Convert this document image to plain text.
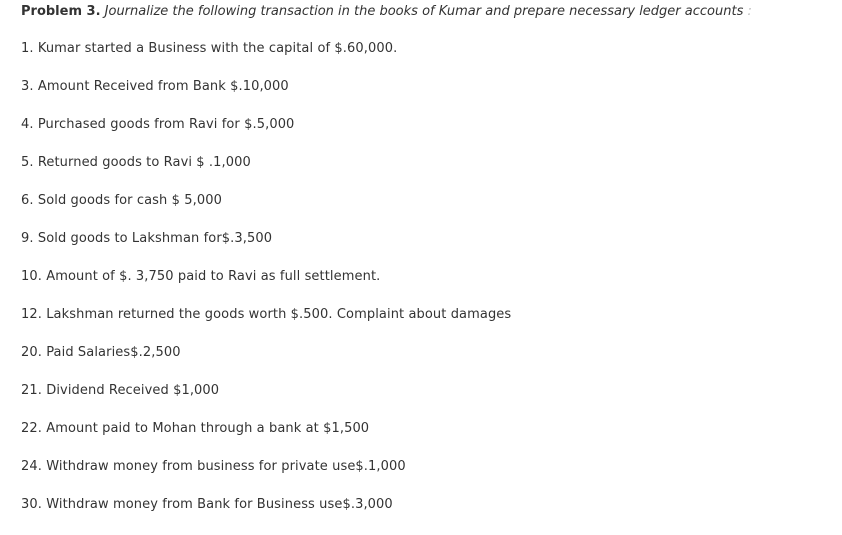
Problem 3. Journalize the following transaction in the books of Kumar and prepare necessary ledger accounts :
1. Kumar started a Business with the capital of $.60,000.
3. Amount Received from Bank $.10,000
4. Purchased goods from Ravi for $.5,000
5. Returned goods to Ravi $ .1,000
6. Sold goods for cash $ 5,000
9. Sold goods to Lakshman for$.3,500
10. Amount of $. 3,750 paid to Ravi as full settlement.
12. Lakshman returned the goods worth $.500. Complaint about damages
20. Paid Salaries$.2,500
21. Dividend Received $1,000
22. Amount paid to Mohan through a bank at $1,500
24. Withdraw money from business for private use$.1,000
30. Withdraw money from Bank for Business use$.3,000
